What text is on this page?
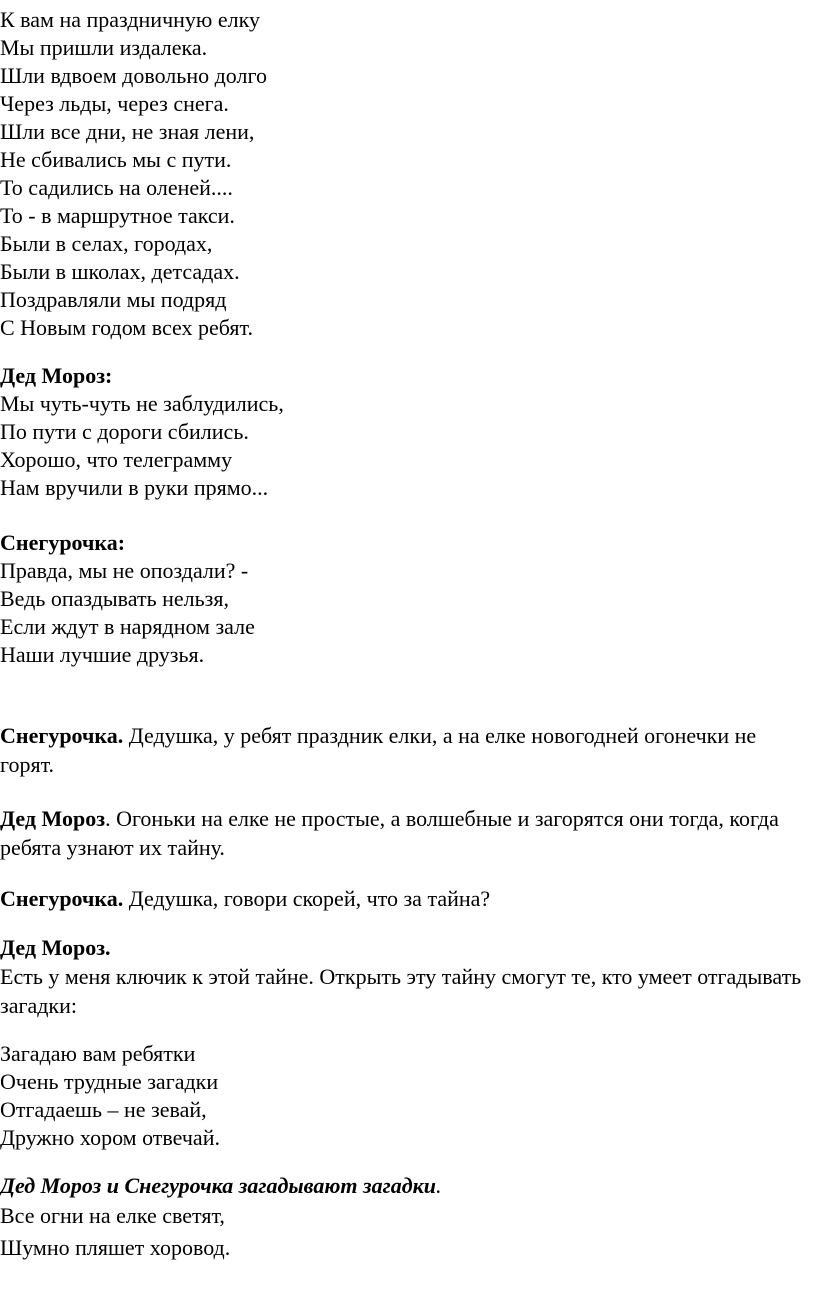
К вам на праздничную елку
Мы пришли издалека.
Шли вдвоем довольно долго
Через льды, через снега.
Шли все дни, не зная лени,
Не сбивались мы с пути.
То садились на оленей....
То - в маршрутное такси.
Были в селах, городах,
Были в школах, детсадах.
Поздравляли мы подряд
С Новым годом всех ребят.
Дед Мороз:
Мы чуть-чуть не заблудились,
По пути с дороги сбились.
Хорошо, что телеграмму
Нам вручили в руки прямо...
Снегурочка:
Правда, мы не опоздали? -
Ведь опаздывать нельзя,
Если ждут в нарядном зале
Наши лучшие друзья.
Снегурочка. Дедушка, у ребят праздник елки, а на елке новогодней огонечки не горят.
Дед Мороз. Огоньки на елке не простые, а волшебные и загорятся они тогда, когда ребята узнают их тайну.
Снегурочка. Дедушка, говори скорей, что за тайна?
Дед Мороз.
Есть у меня ключик к этой тайне. Открыть эту тайну смогут те, кто умеет отгадывать загадки:
Загадаю вам ребятки
Очень трудные загадки
Отгадаешь – не зевай,
Дружно хором отвечай.
Дед Мороз и Снегурочка загадывают загадки.
Все огни на елке светят,
Шумно пляшет хоровод.
